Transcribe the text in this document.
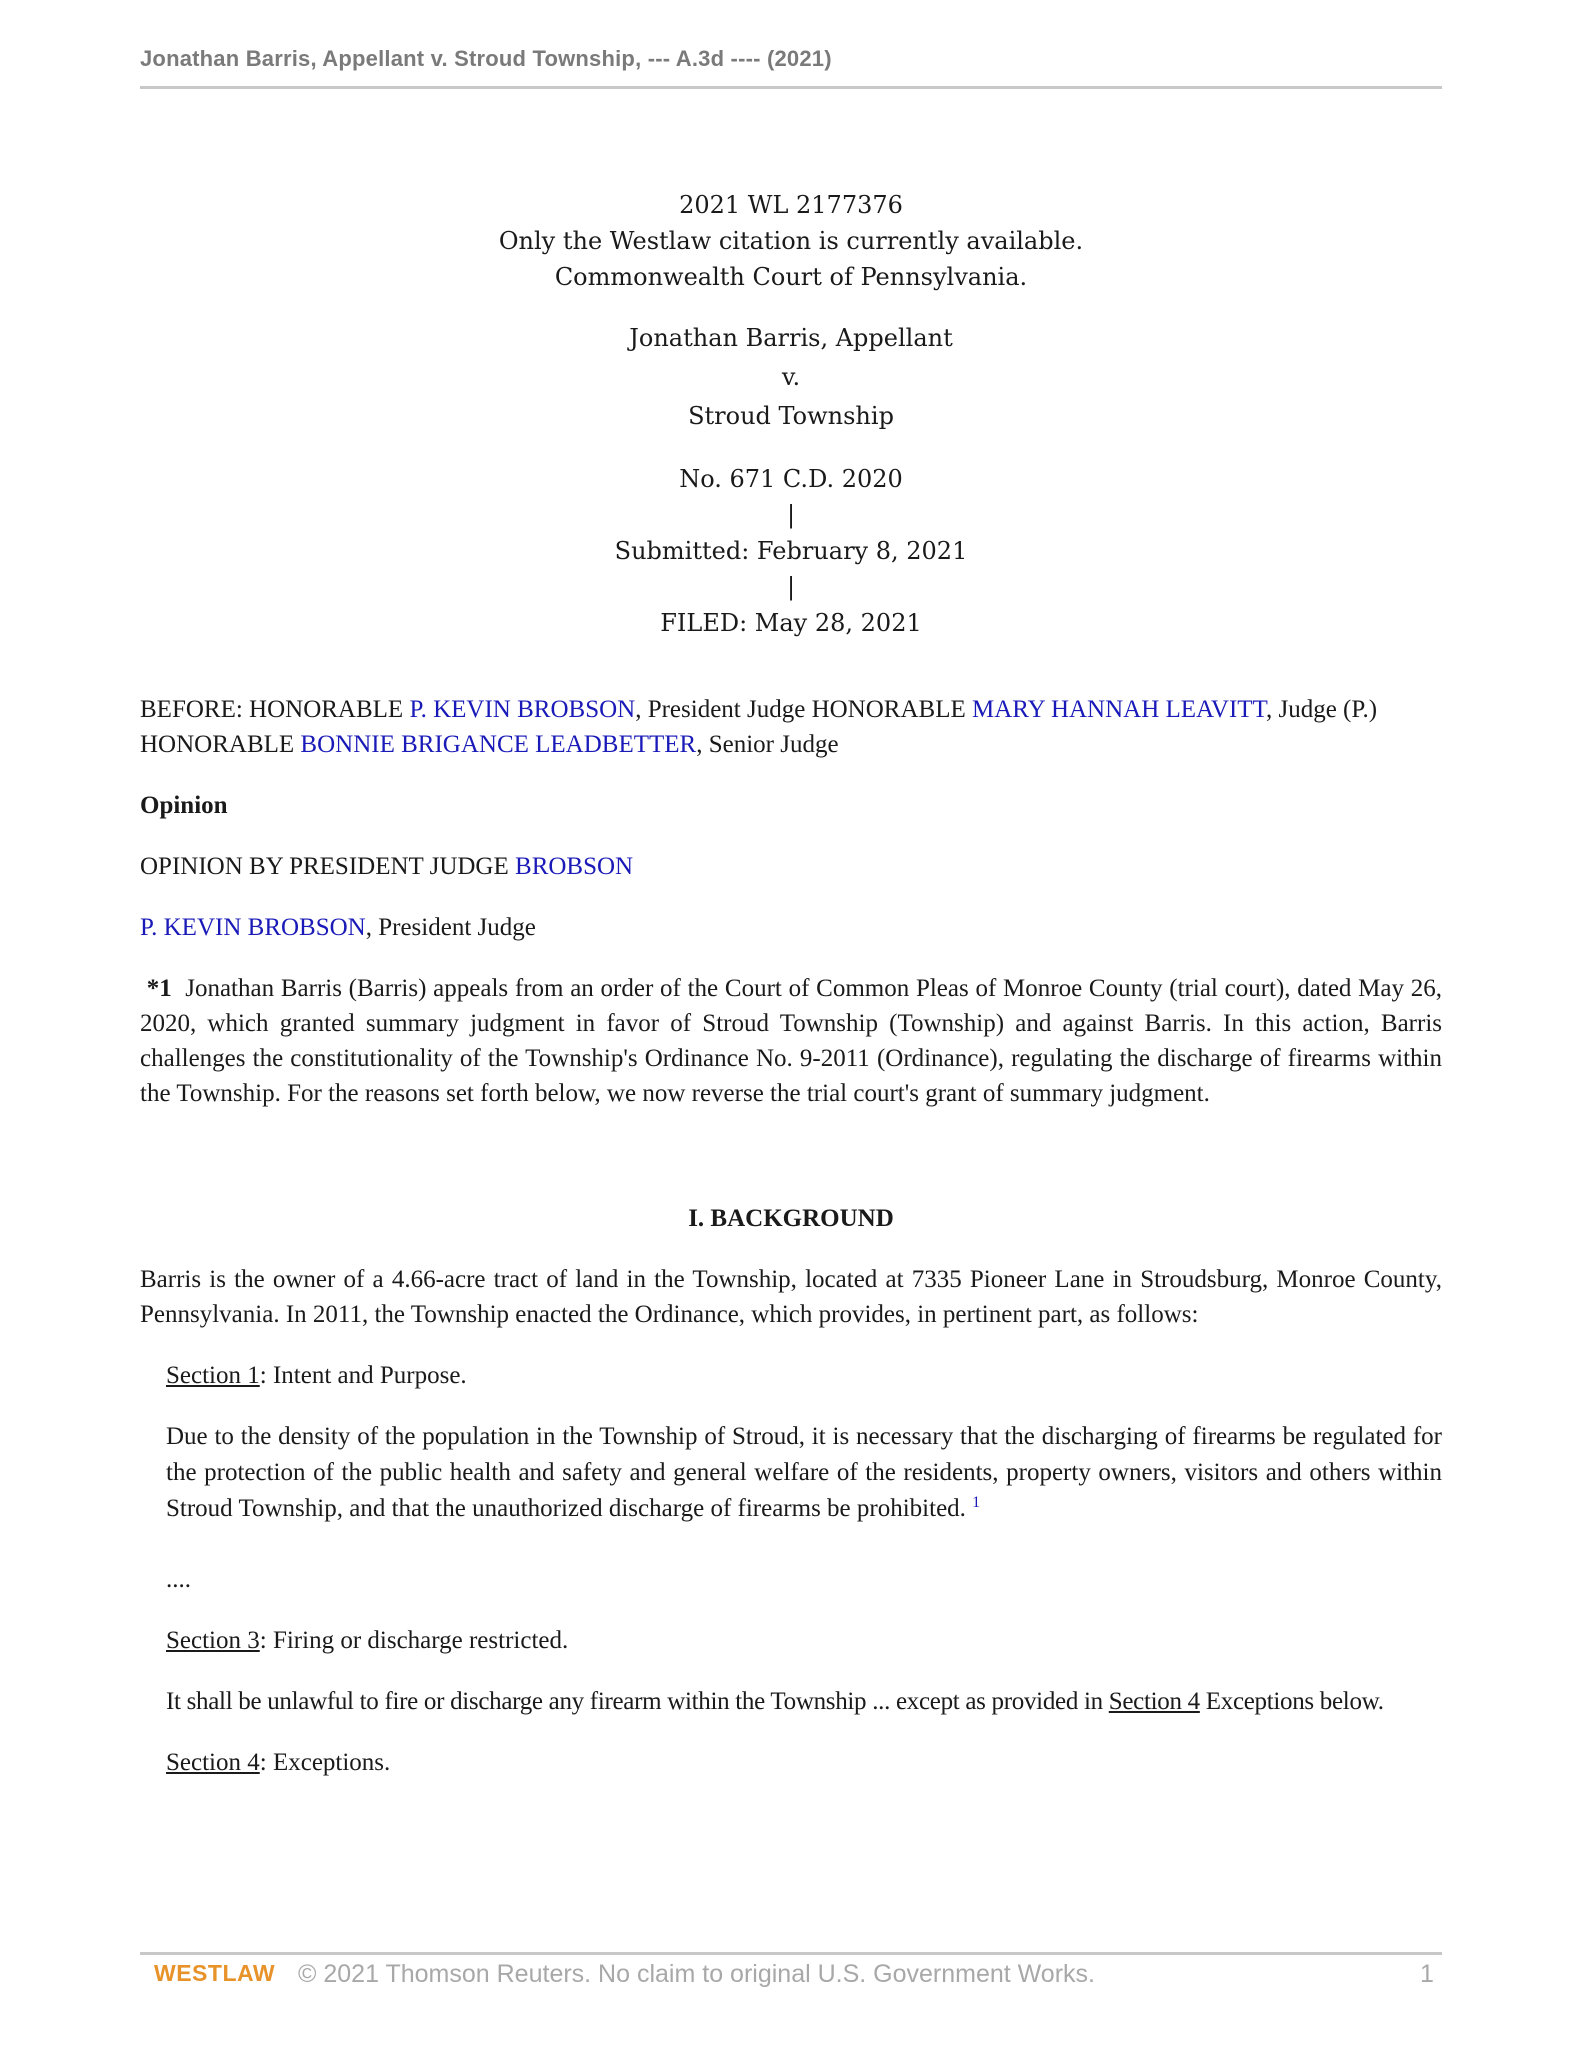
Jonathan Barris, Appellant v. Stroud Township, --- A.3d ---- (2021)
2021 WL 2177376
Only the Westlaw citation is currently available.
Commonwealth Court of Pennsylvania.
Jonathan Barris, Appellant
v.
Stroud Township
No. 671 C.D. 2020
|
Submitted: February 8, 2021
|
FILED: May 28, 2021
BEFORE: HONORABLE P. KEVIN BROBSON, President Judge HONORABLE MARY HANNAH LEAVITT, Judge (P.)
HONORABLE BONNIE BRIGANCE LEADBETTER, Senior Judge
Opinion
OPINION BY PRESIDENT JUDGE BROBSON
P. KEVIN BROBSON, President Judge
*1 Jonathan Barris (Barris) appeals from an order of the Court of Common Pleas of Monroe County (trial court), dated May 26, 2020, which granted summary judgment in favor of Stroud Township (Township) and against Barris. In this action, Barris challenges the constitutionality of the Township's Ordinance No. 9-2011 (Ordinance), regulating the discharge of firearms within the Township. For the reasons set forth below, we now reverse the trial court's grant of summary judgment.
I. BACKGROUND
Barris is the owner of a 4.66-acre tract of land in the Township, located at 7335 Pioneer Lane in Stroudsburg, Monroe County, Pennsylvania. In 2011, the Township enacted the Ordinance, which provides, in pertinent part, as follows:
Section 1: Intent and Purpose.
Due to the density of the population in the Township of Stroud, it is necessary that the discharging of firearms be regulated for the protection of the public health and safety and general welfare of the residents, property owners, visitors and others within Stroud Township, and that the unauthorized discharge of firearms be prohibited. $^1$
....
Section 3: Firing or discharge restricted.
It shall be unlawful to fire or discharge any firearm within the Township ... except as provided in Section 4 Exceptions below.
Section 4: Exceptions.
WESTLAW © 2021 Thomson Reuters. No claim to original U.S. Government Works.	1
